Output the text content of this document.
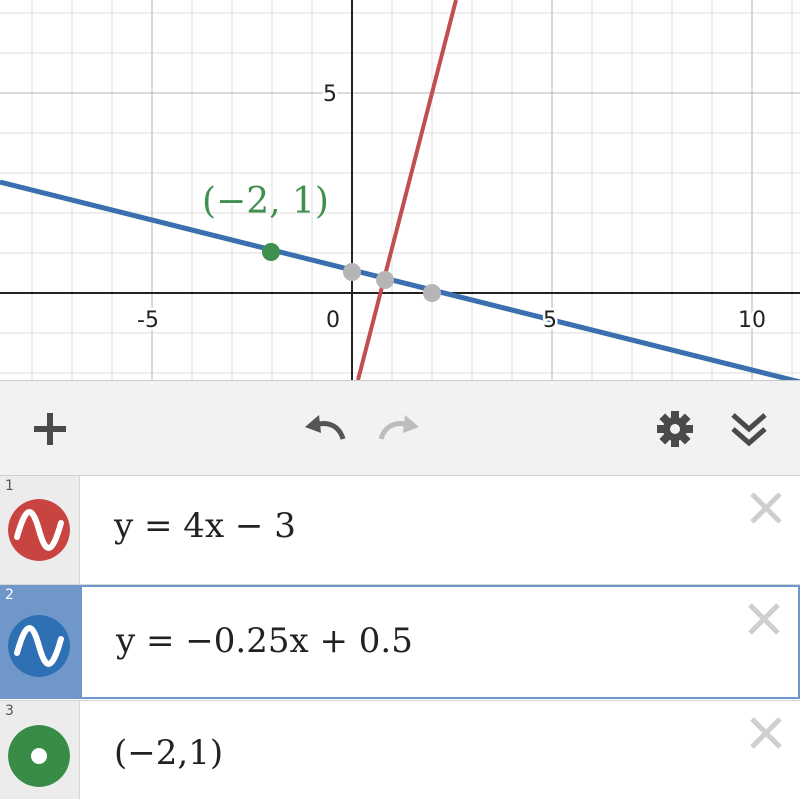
(−2, 1)
-5	0	5	10
5
1
y = 4x − 3
2
y = −0.25x + 0.5
3
(−2,1)
